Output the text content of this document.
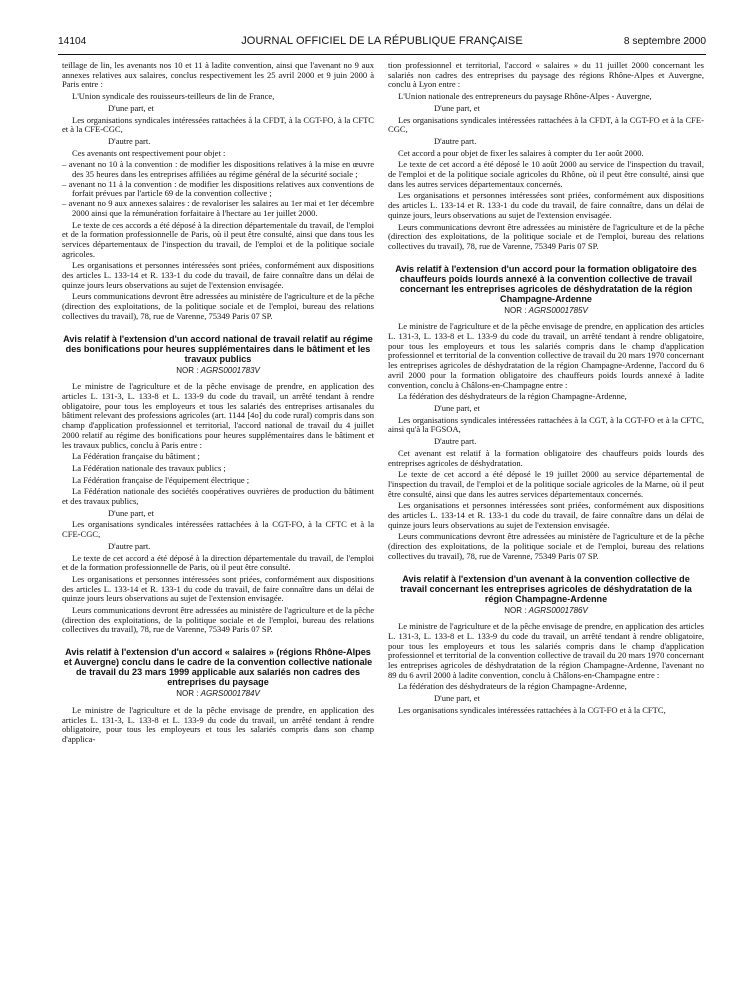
14104	JOURNAL OFFICIEL DE LA RÉPUBLIQUE FRANÇAISE	8 septembre 2000

teillage de lin, les avenants nos 10 et 11 à ladite convention, ainsi que l'avenant no 9 aux annexes relatives aux salaires, conclus respectivement les 25 avril 2000 et 9 juin 2000 à Paris entre :

L'Union syndicale des rouisseurs-teilleurs de lin de France,

D'une part, et

Les organisations syndicales intéressées rattachées à la CFDT, à la CGT-FO, à la CFTC et à la CFE-CGC,

D'autre part.

Ces avenants ont respectivement pour objet :

– avenant no 10 à la convention : de modifier les dispositions relatives à la mise en œuvre des 35 heures dans les entreprises affiliées au régime général de la sécurité sociale ;
– avenant no 11 à la convention : de modifier les dispositions relatives aux conventions de forfait prévues par l'article 69 de la convention collective ;
– avenant no 9 aux annexes salaires : de revaloriser les salaires au 1er mai et 1er décembre 2000 ainsi que la rémunération forfaitaire à l'hectare au 1er juillet 2000.

Le texte de ces accords a été déposé à la direction départementale du travail, de l'emploi et de la formation professionnelle de Paris, où il peut être consulté, ainsi que dans tous les services départementaux de l'inspection du travail, de l'emploi et de la politique sociale agricoles.

Les organisations et personnes intéressées sont priées, conformément aux dispositions des articles L. 133-14 et R. 133-1 du code du travail, de faire connaître dans un délai de quinze jours leurs observations au sujet de l'extension envisagée.

Leurs communications devront être adressées au ministère de l'agriculture et de la pêche (direction des exploitations, de la politique sociale et de l'emploi, bureau des relations collectives du travail), 78, rue de Varenne, 75349 Paris 07 SP.

Avis relatif à l'extension d'un accord national de travail relatif au régime des bonifications pour heures supplémentaires dans le bâtiment et les travaux publics
NOR : AGRS0001783V

Le ministre de l'agriculture et de la pêche envisage de prendre, en application des articles L. 131-3, L. 133-8 et L. 133-9 du code du travail, un arrêté tendant à rendre obligatoire, pour tous les employeurs et tous les salariés des entreprises artisanales du bâtiment relevant des professions agricoles (art. 1144 [4o] du code rural) compris dans son champ d'application professionnel et territorial, l'accord national de travail du 4 juillet 2000 relatif au régime des bonifications pour heures supplémentaires dans le bâtiment et les travaux publics, conclu à Paris entre :

La Fédération française du bâtiment ;

La Fédération nationale des travaux publics ;

La Fédération française de l'équipement électrique ;

La Fédération nationale des sociétés coopératives ouvrières de production du bâtiment et des travaux publics,

D'une part, et

Les organisations syndicales intéressées rattachées à la CGT-FO, à la CFTC et à la CFE-CGC,

D'autre part.

Le texte de cet accord a été déposé à la direction départementale du travail, de l'emploi et de la formation professionnelle de Paris, où il peut être consulté.

Les organisations et personnes intéressées sont priées, conformément aux dispositions des articles L. 133-14 et R. 133-1 du code du travail, de faire connaître dans un délai de quinze jours leurs observations au sujet de l'extension envisagée.

Leurs communications devront être adressées au ministère de l'agriculture et de la pêche (direction des exploitations, de la politique sociale et de l'emploi, bureau des relations collectives du travail), 78, rue de Varenne, 75349 Paris 07 SP.

Avis relatif à l'extension d'un accord « salaires » (régions Rhône-Alpes et Auvergne) conclu dans le cadre de la convention collective nationale de travail du 23 mars 1999 applicable aux salariés non cadres des entreprises du paysage
NOR : AGRS0001784V

Le ministre de l'agriculture et de la pêche envisage de prendre, en application des articles L. 131-3, L. 133-8 et L. 133-9 du code du travail, un arrêté tendant à rendre obligatoire, pour tous les employeurs et tous les salariés compris dans son champ d'applica-

tion professionnel et territorial, l'accord « salaires » du 11 juillet 2000 concernant les salariés non cadres des entreprises du paysage des régions Rhône-Alpes et Auvergne, conclu à Lyon entre :

L'Union nationale des entrepreneurs du paysage Rhône-Alpes - Auvergne,

D'une part, et

Les organisations syndicales intéressées rattachées à la CFDT, à la CGT-FO et à la CFE-CGC,

D'autre part.

Cet accord a pour objet de fixer les salaires à compter du 1er août 2000.

Le texte de cet accord a été déposé le 10 août 2000 au service de l'inspection du travail, de l'emploi et de la politique sociale agricoles du Rhône, où il peut être consulté, ainsi que dans les autres services départementaux concernés.

Les organisations et personnes intéressées sont priées, conformément aux dispositions des articles L. 133-14 et R. 133-1 du code du travail, de faire connaître, dans un délai de quinze jours, leurs observations au sujet de l'extension envisagée.

Leurs communications devront être adressées au ministère de l'agriculture et de la pêche (direction des exploitations, de la politique sociale et de l'emploi, bureau des relations collectives du travail), 78, rue de Varenne, 75349 Paris 07 SP.

Avis relatif à l'extension d'un accord pour la formation obligatoire des chauffeurs poids lourds annexé à la convention collective de travail concernant les entreprises agricoles de déshydratation de la région Champagne-Ardenne
NOR : AGRS0001785V

Le ministre de l'agriculture et de la pêche envisage de prendre, en application des articles L. 131-3, L. 133-8 et L. 133-9 du code du travail, un arrêté tendant à rendre obligatoire, pour tous les employeurs et tous les salariés compris dans le champ d'application professionnel et territorial de la convention collective de travail du 20 mars 1970 concernant les entreprises agricoles de déshydratation de la région Champagne-Ardenne, l'accord du 6 avril 2000 pour la formation obligatoire des chauffeurs poids lourds annexé à ladite convention, conclu à Châlons-en-Champagne entre :

La fédération des déshydrateurs de la région Champagne-Ardenne,

D'une part, et

Les organisations syndicales intéressées rattachées à la CGT, à la CGT-FO et à la CFTC, ainsi qu'à la FGSOA,

D'autre part.

Cet avenant est relatif à la formation obligatoire des chauffeurs poids lourds des entreprises agricoles de déshydratation.

Le texte de cet accord a été déposé le 19 juillet 2000 au service départemental de l'inspection du travail, de l'emploi et de la politique sociale agricoles de la Marne, où il peut être consulté, ainsi que dans les autres services départementaux concernés.

Les organisations et personnes intéressées sont priées, conformément aux dispositions des articles L. 133-14 et R. 133-1 du code du travail, de faire connaître dans un délai de quinze jours leurs observations au sujet de l'extension envisagée.

Leurs communications devront être adressées au ministère de l'agriculture et de la pêche (direction des exploitations, de la politique sociale et de l'emploi, bureau des relations collectives du travail), 78, rue de Varenne, 75349 Paris 07 SP.

Avis relatif à l'extension d'un avenant à la convention collective de travail concernant les entreprises agricoles de déshydratation de la région Champagne-Ardenne
NOR : AGRS0001786V

Le ministre de l'agriculture et de la pêche envisage de prendre, en application des articles L. 131-3, L. 133-8 et L. 133-9 du code du travail, un arrêté tendant à rendre obligatoire, pour tous les employeurs et tous les salariés compris dans le champ d'application professionnel et territorial de la convention collective de travail du 20 mars 1970 concernant les entreprises agricoles de déshydratation de la région Champagne-Ardenne, l'avenant no 89 du 6 avril 2000 à ladite convention, conclu à Châlons-en-Champagne entre :

La fédération des déshydrateurs de la région Champagne-Ardenne,

D'une part, et

Les organisations syndicales intéressées rattachées à la CGT-FO et à la CFTC,
